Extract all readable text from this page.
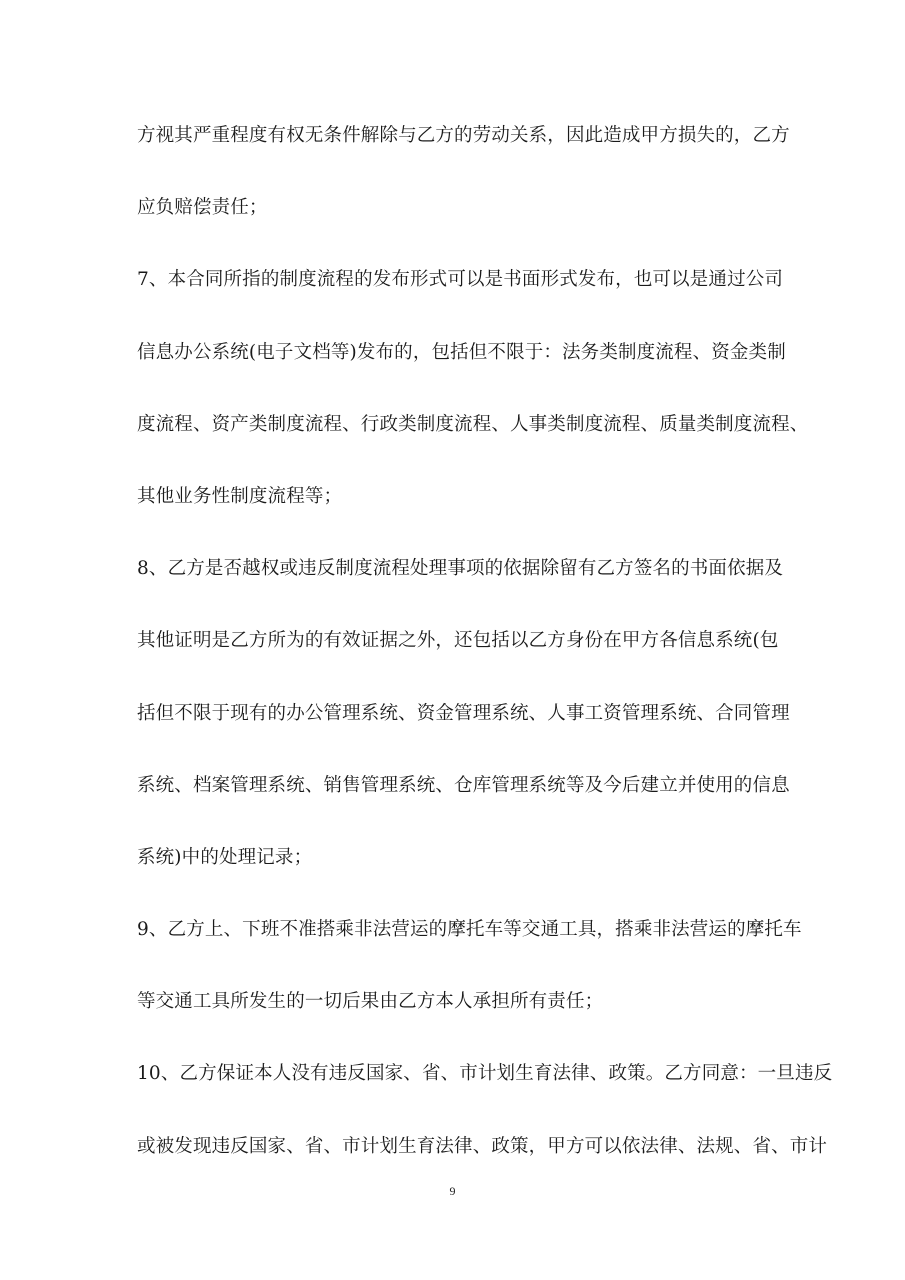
方视其严重程度有权无条件解除与乙方的劳动关系，因此造成甲方损失的，乙方
应负赔偿责任；
7、本合同所指的制度流程的发布形式可以是书面形式发布，也可以是通过公司
信息办公系统(电子文档等)发布的，包括但不限于：法务类制度流程、资金类制
度流程、资产类制度流程、行政类制度流程、人事类制度流程、质量类制度流程、
其他业务性制度流程等；
8、乙方是否越权或违反制度流程处理事项的依据除留有乙方签名的书面依据及
其他证明是乙方所为的有效证据之外，还包括以乙方身份在甲方各信息系统(包
括但不限于现有的办公管理系统、资金管理系统、人事工资管理系统、合同管理
系统、档案管理系统、销售管理系统、仓库管理系统等及今后建立并使用的信息
系统)中的处理记录；
9、乙方上、下班不准搭乘非法营运的摩托车等交通工具，搭乘非法营运的摩托车
等交通工具所发生的一切后果由乙方本人承担所有责任；
10、乙方保证本人没有违反国家、省、市计划生育法律、政策。乙方同意：一旦违反
或被发现违反国家、省、市计划生育法律、政策，甲方可以依法律、法规、省、市计
9
